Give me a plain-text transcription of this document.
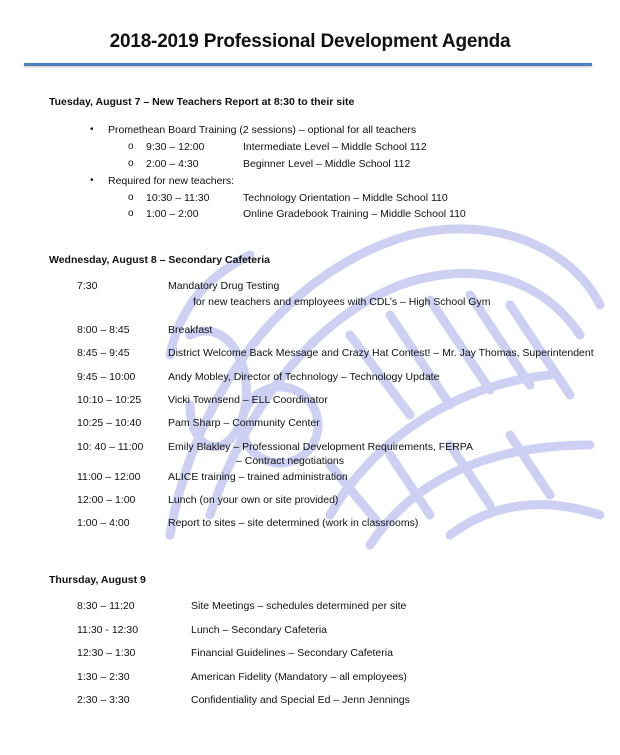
2018-2019 Professional Development Agenda
Tuesday, August 7 – New Teachers Report at 8:30 to their site
• Promethean Board Training (2 sessions) – optional for all teachers
o 9:30 – 12:00	Intermediate Level – Middle School 112
o 2:00 – 4:30	Beginner Level – Middle School 112
• Required for new teachers:
o 10:30 – 11:30	Technology Orientation – Middle School 110
o 1:00 – 2:00	Online Gradebook Training – Middle School 110
Wednesday, August 8 – Secondary Cafeteria
7:30	Mandatory Drug Testing
for new teachers and employees with CDL’s – High School Gym
8:00 – 8:45	Breakfast
8:45 – 9:45	District Welcome Back Message and Crazy Hat Contest! – Mr. Jay Thomas, Superintendent
9:45 – 10:00	Andy Mobley, Director of Technology – Technology Update
10:10 – 10:25	Vicki Townsend – ELL Coordinator
10:25 – 10:40	Pam Sharp – Community Center
10: 40 – 11:00 Emily Blakley – Professional Development Requirements, FERPA
– Contract negotiations
11:00 – 12:00	ALICE training – trained administration
12:00 – 1:00	Lunch (on your own or site provided)
1:00 – 4:00	Report to sites – site determined (work in classrooms)
Thursday, August 9
8:30 – 11:20	Site Meetings – schedules determined per site
11:30 - 12:30	Lunch – Secondary Cafeteria
12:30 – 1:30	Financial Guidelines – Secondary Cafeteria
1:30 – 2:30	American Fidelity (Mandatory – all employees)
2:30 – 3:30	Confidentiality and Special Ed – Jenn Jennings
